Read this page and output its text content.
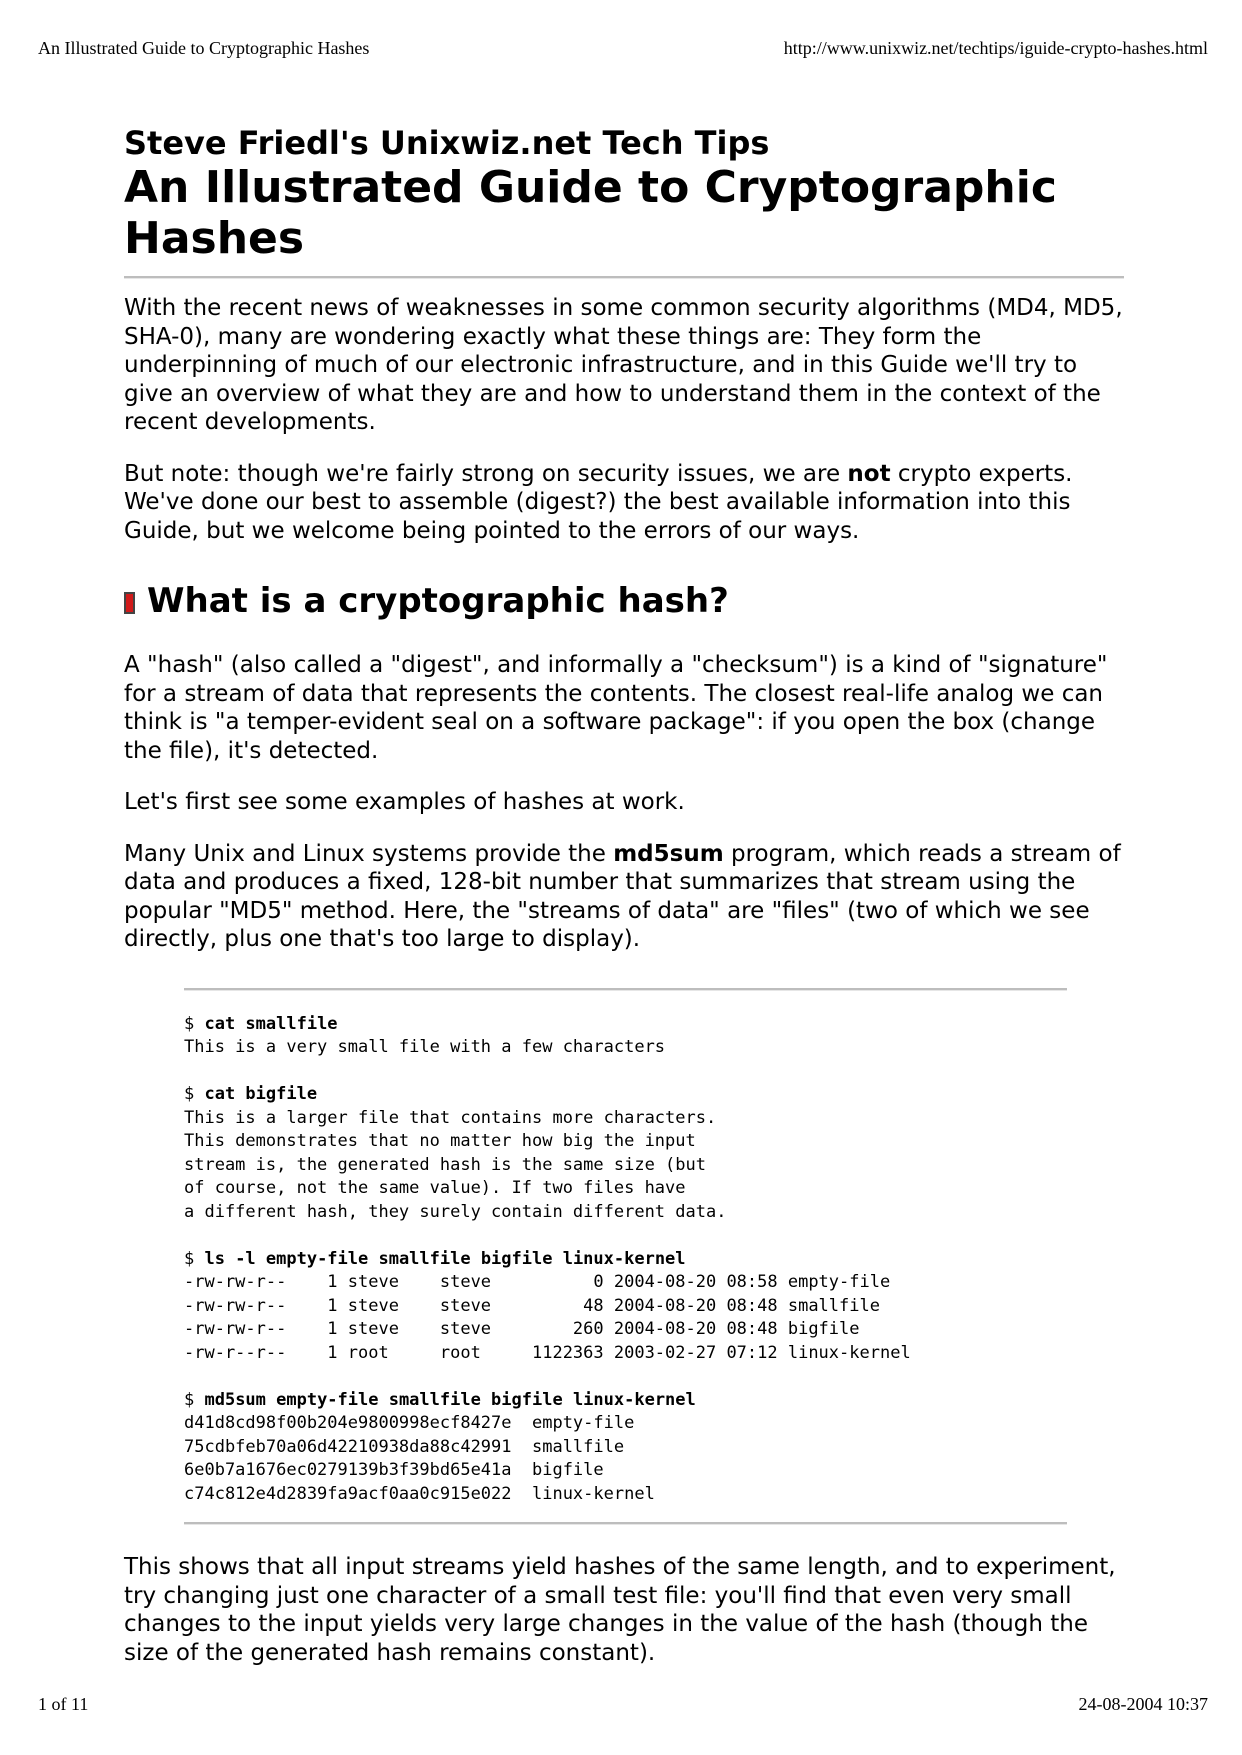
An Illustrated Guide to Cryptographic Hashes	http://www.unixwiz.net/techtips/iguide-crypto-hashes.html
Steve Friedl's Unixwiz.net Tech Tips
An Illustrated Guide to Cryptographic Hashes

With the recent news of weaknesses in some common security algorithms (MD4, MD5, SHA-0), many are wondering exactly what these things are: They form the underpinning of much of our electronic infrastructure, and in this Guide we'll try to give an overview of what they are and how to understand them in the context of the recent developments.

But note: though we're fairly strong on security issues, we are not crypto experts. We've done our best to assemble (digest?) the best available information into this Guide, but we welcome being pointed to the errors of our ways.

What is a cryptographic hash?

A "hash" (also called a "digest", and informally a "checksum") is a kind of "signature" for a stream of data that represents the contents. The closest real-life analog we can think is "a temper-evident seal on a software package": if you open the box (change the file), it's detected.

Let's first see some examples of hashes at work.

Many Unix and Linux systems provide the md5sum program, which reads a stream of data and produces a fixed, 128-bit number that summarizes that stream using the popular "MD5" method. Here, the "streams of data" are "files" (two of which we see directly, plus one that's too large to display).

$ cat smallfile
This is a very small file with a few characters

$ cat bigfile
This is a larger file that contains more characters.
This demonstrates that no matter how big the input
stream is, the generated hash is the same size (but
of course, not the same value). If two files have
a different hash, they surely contain different data.

$ ls -l empty-file smallfile bigfile linux-kernel
-rw-rw-r--    1 steve    steve          0 2004-08-20 08:58 empty-file
-rw-rw-r--    1 steve    steve         48 2004-08-20 08:48 smallfile
-rw-rw-r--    1 steve    steve        260 2004-08-20 08:48 bigfile
-rw-r--r--    1 root     root     1122363 2003-02-27 07:12 linux-kernel

$ md5sum empty-file smallfile bigfile linux-kernel
d41d8cd98f00b204e9800998ecf8427e  empty-file
75cdbfeb70a06d42210938da88c42991  smallfile
6e0b7a1676ec0279139b3f39bd65e41a  bigfile
c74c812e4d2839fa9acf0aa0c915e022  linux-kernel

This shows that all input streams yield hashes of the same length, and to experiment, try changing just one character of a small test file: you'll find that even very small changes to the input yields very large changes in the value of the hash (though the size of the generated hash remains constant).

1 of 11	24-08-2004 10:37
